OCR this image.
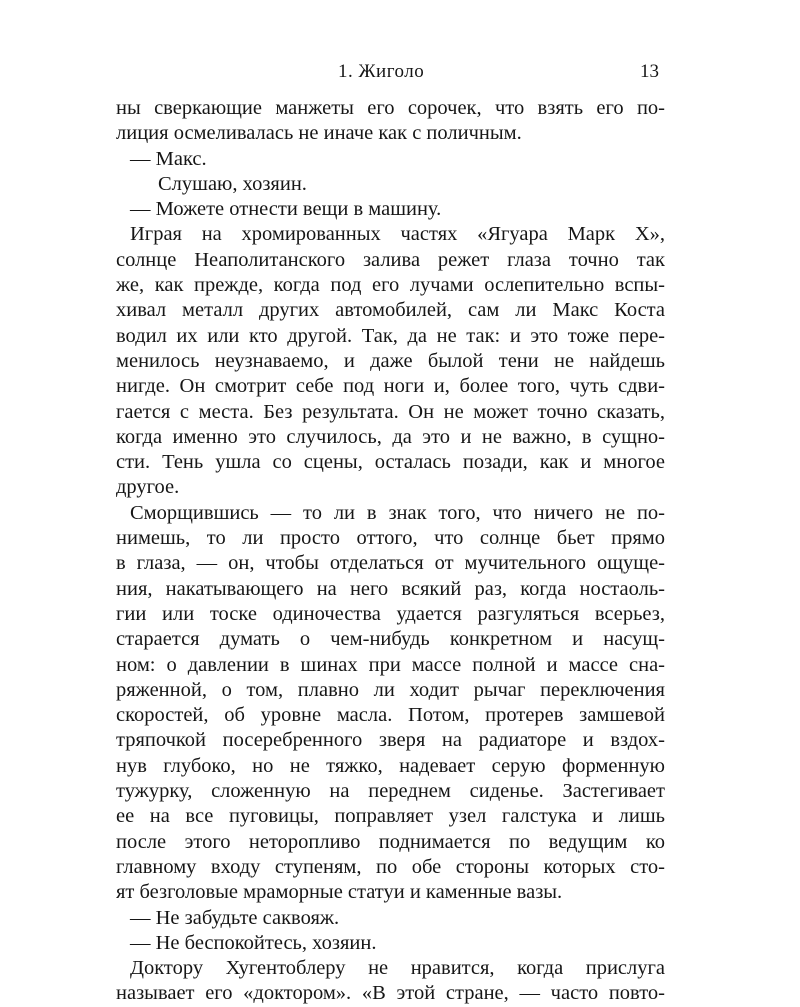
1. Жиголо	13
ны сверкающие манжеты его сорочек, что взять его по-
лиция осмеливалась не иначе как с поличным.
— Макс.
Слушаю, хозяин.
— Можете отнести вещи в машину.
Играя на хромированных частях «Ягуара Марк X»,
солнце Неаполитанского залива режет глаза точно так
же, как прежде, когда под его лучами ослепительно вспы-
хивал металл других автомобилей, сам ли Макс Коста
водил их или кто другой. Так, да не так: и это тоже пере-
менилось неузнаваемо, и даже былой тени не найдешь
нигде. Он смотрит себе под ноги и, более того, чуть сдви-
гается с места. Без результата. Он не может точно сказать,
когда именно это случилось, да это и не важно, в сущно-
сти. Тень ушла со сцены, осталась позади, как и многое
другое.
Сморщившись — то ли в знак того, что ничего не по-
нимешь, то ли просто оттого, что солнце бьет прямо
в глаза, — он, чтобы отделаться от мучительного ощуще-
ния, накатывающего на него всякий раз, когда ностаоль-
гии или тоске одиночества удается разгуляться всерьез,
старается думать о чем-нибудь конкретном и насущ-
ном: о давлении в шинах при массе полной и массе сна-
ряженной, о том, плавно ли ходит рычаг переключения
скоростей, об уровне масла. Потом, протерев замшевой
тряпочкой посеребренного зверя на радиаторе и вздох-
нув глубоко, но не тяжко, надевает серую форменную
тужурку, сложенную на переднем сиденье. Застегивает
ее на все пуговицы, поправляет узел галстука и лишь
после этого неторопливо поднимается по ведущим ко
главному входу ступеням, по обе стороны которых сто-
ят безголовые мраморные статуи и каменные вазы.
— Не забудьте саквояж.
— Не беспокойтесь, хозяин.
Доктору Хугентоблеру не нравится, когда прислуга
называет его «доктором». «В этой стране, — часто повто-
